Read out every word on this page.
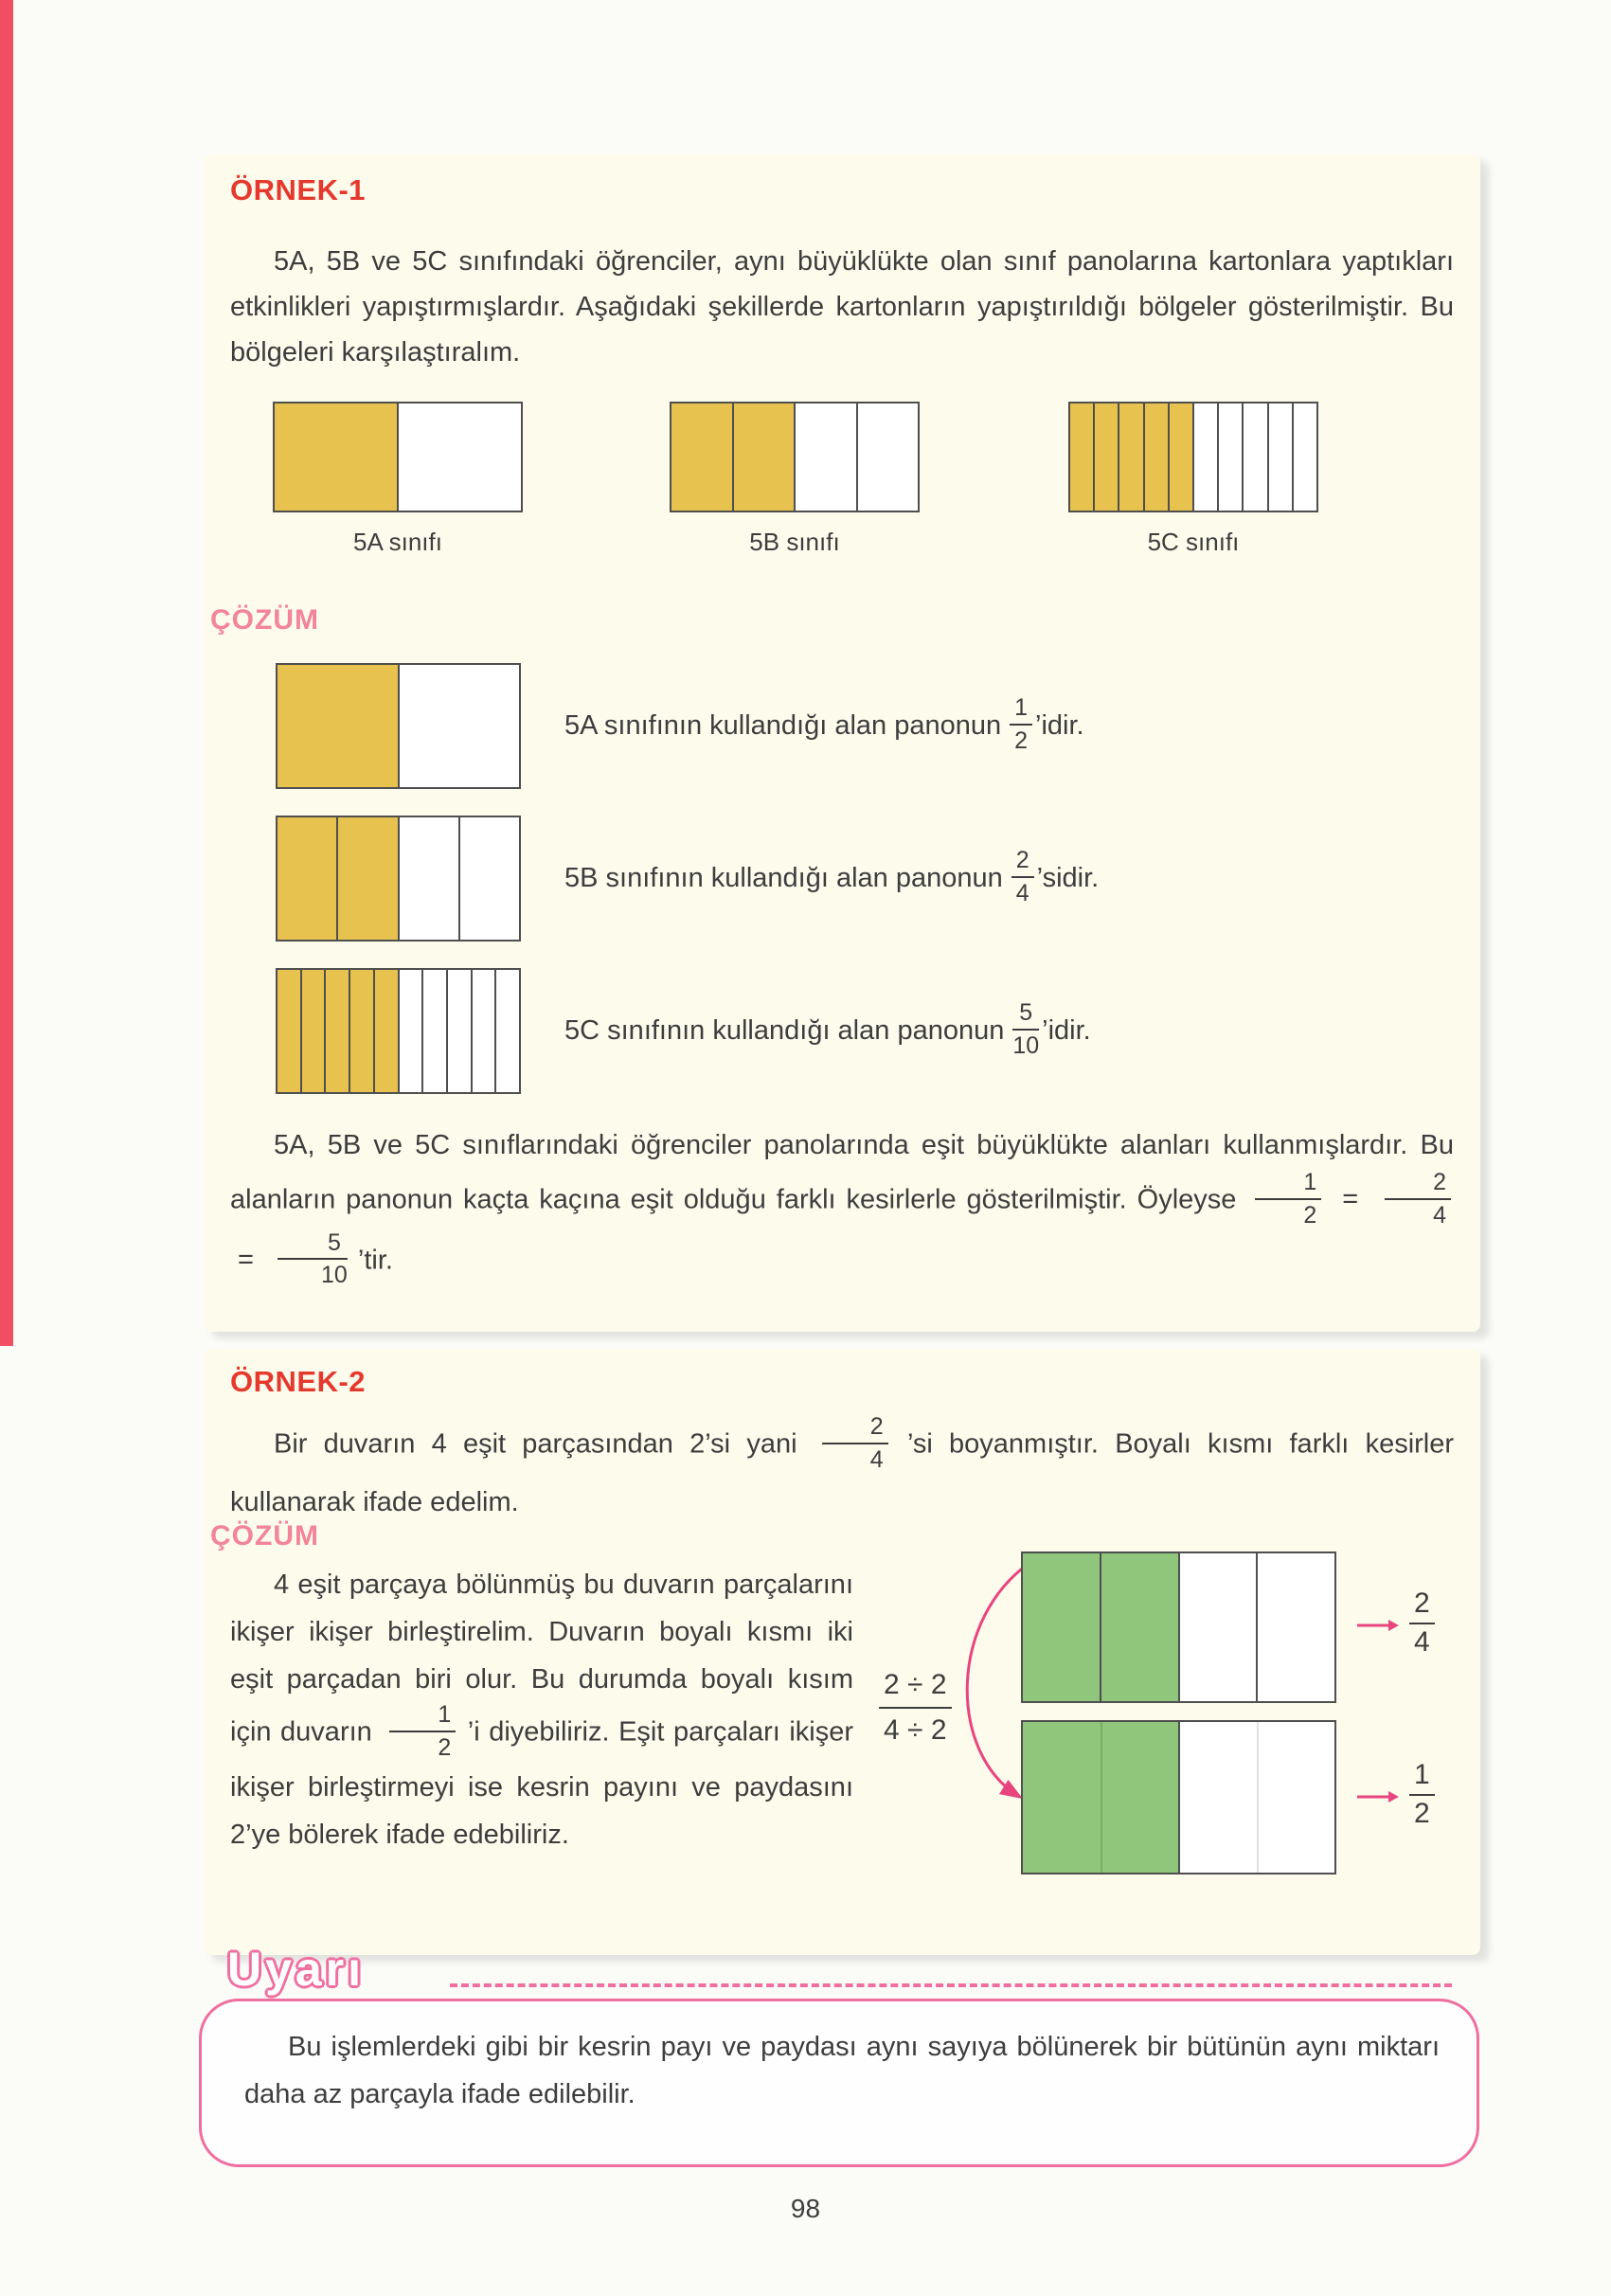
ÖRNEK-1

5A, 5B ve 5C sınıfındaki öğrenciler, aynı büyüklükte olan sınıf panolarına kartonlara yaptıkları etkinlikleri yapıştırmışlardır. Aşağıdaki şekillerde kartonların yapıştırıldığı bölgeler gösterilmiştir. Bu bölgeleri karşılaştıralım.

5A sınıfı	5B sınıfı	5C sınıfı
ÇÖZÜM
5A sınıfının kullandığı alan panonun $\frac{1}{2}$ ’idir.
5B sınıfının kullandığı alan panonun $\frac{2}{4}$ ’sidir.
5C sınıfının kullandığı alan panonun $\frac{5}{10}$ ’idir.

5A, 5B ve 5C sınıflarındaki öğrenciler panolarında eşit büyüklükte alanları kullanmışlardır. Bu alanların panonun kaçta kaçına eşit olduğu farklı kesirlerle gösterilmiştir. Öyleyse $\frac{1}{2} = \frac{2}{4}$
= $\frac{5}{10}$ ’tir.

ÖRNEK-2

Bir duvarın 4 eşit parçasından 2’si yani $\frac{2}{4}$ ’si boyanmıştır. Boyalı kısmı farklı kesirler kullanarak ifade edelim.

ÇÖZÜM

4 eşit parçaya bölünmüş bu duvarın parçalarını ikişer ikişer birleştirelim. Duvarın boyalı kısmı iki eşit parçadan biri olur. Bu durumda boyalı kısım için duvarın $\frac{1}{2}$ ’i diyebiliriz. Eşit parçaları ikişer ikişer birleştirmeyi ise kesrin payını ve paydasını 2’ye bölerek ifade edebiliriz.

$\frac{2 \div 2}{4 \div 2}$
$\frac{2}{4}$
$\frac{1}{2}$
Uyarı

Bu işlemlerdeki gibi bir kesrin payı ve paydası aynı sayıya bölünerek bir bütünün aynı miktarı daha az parçayla ifade edilebilir.

98
